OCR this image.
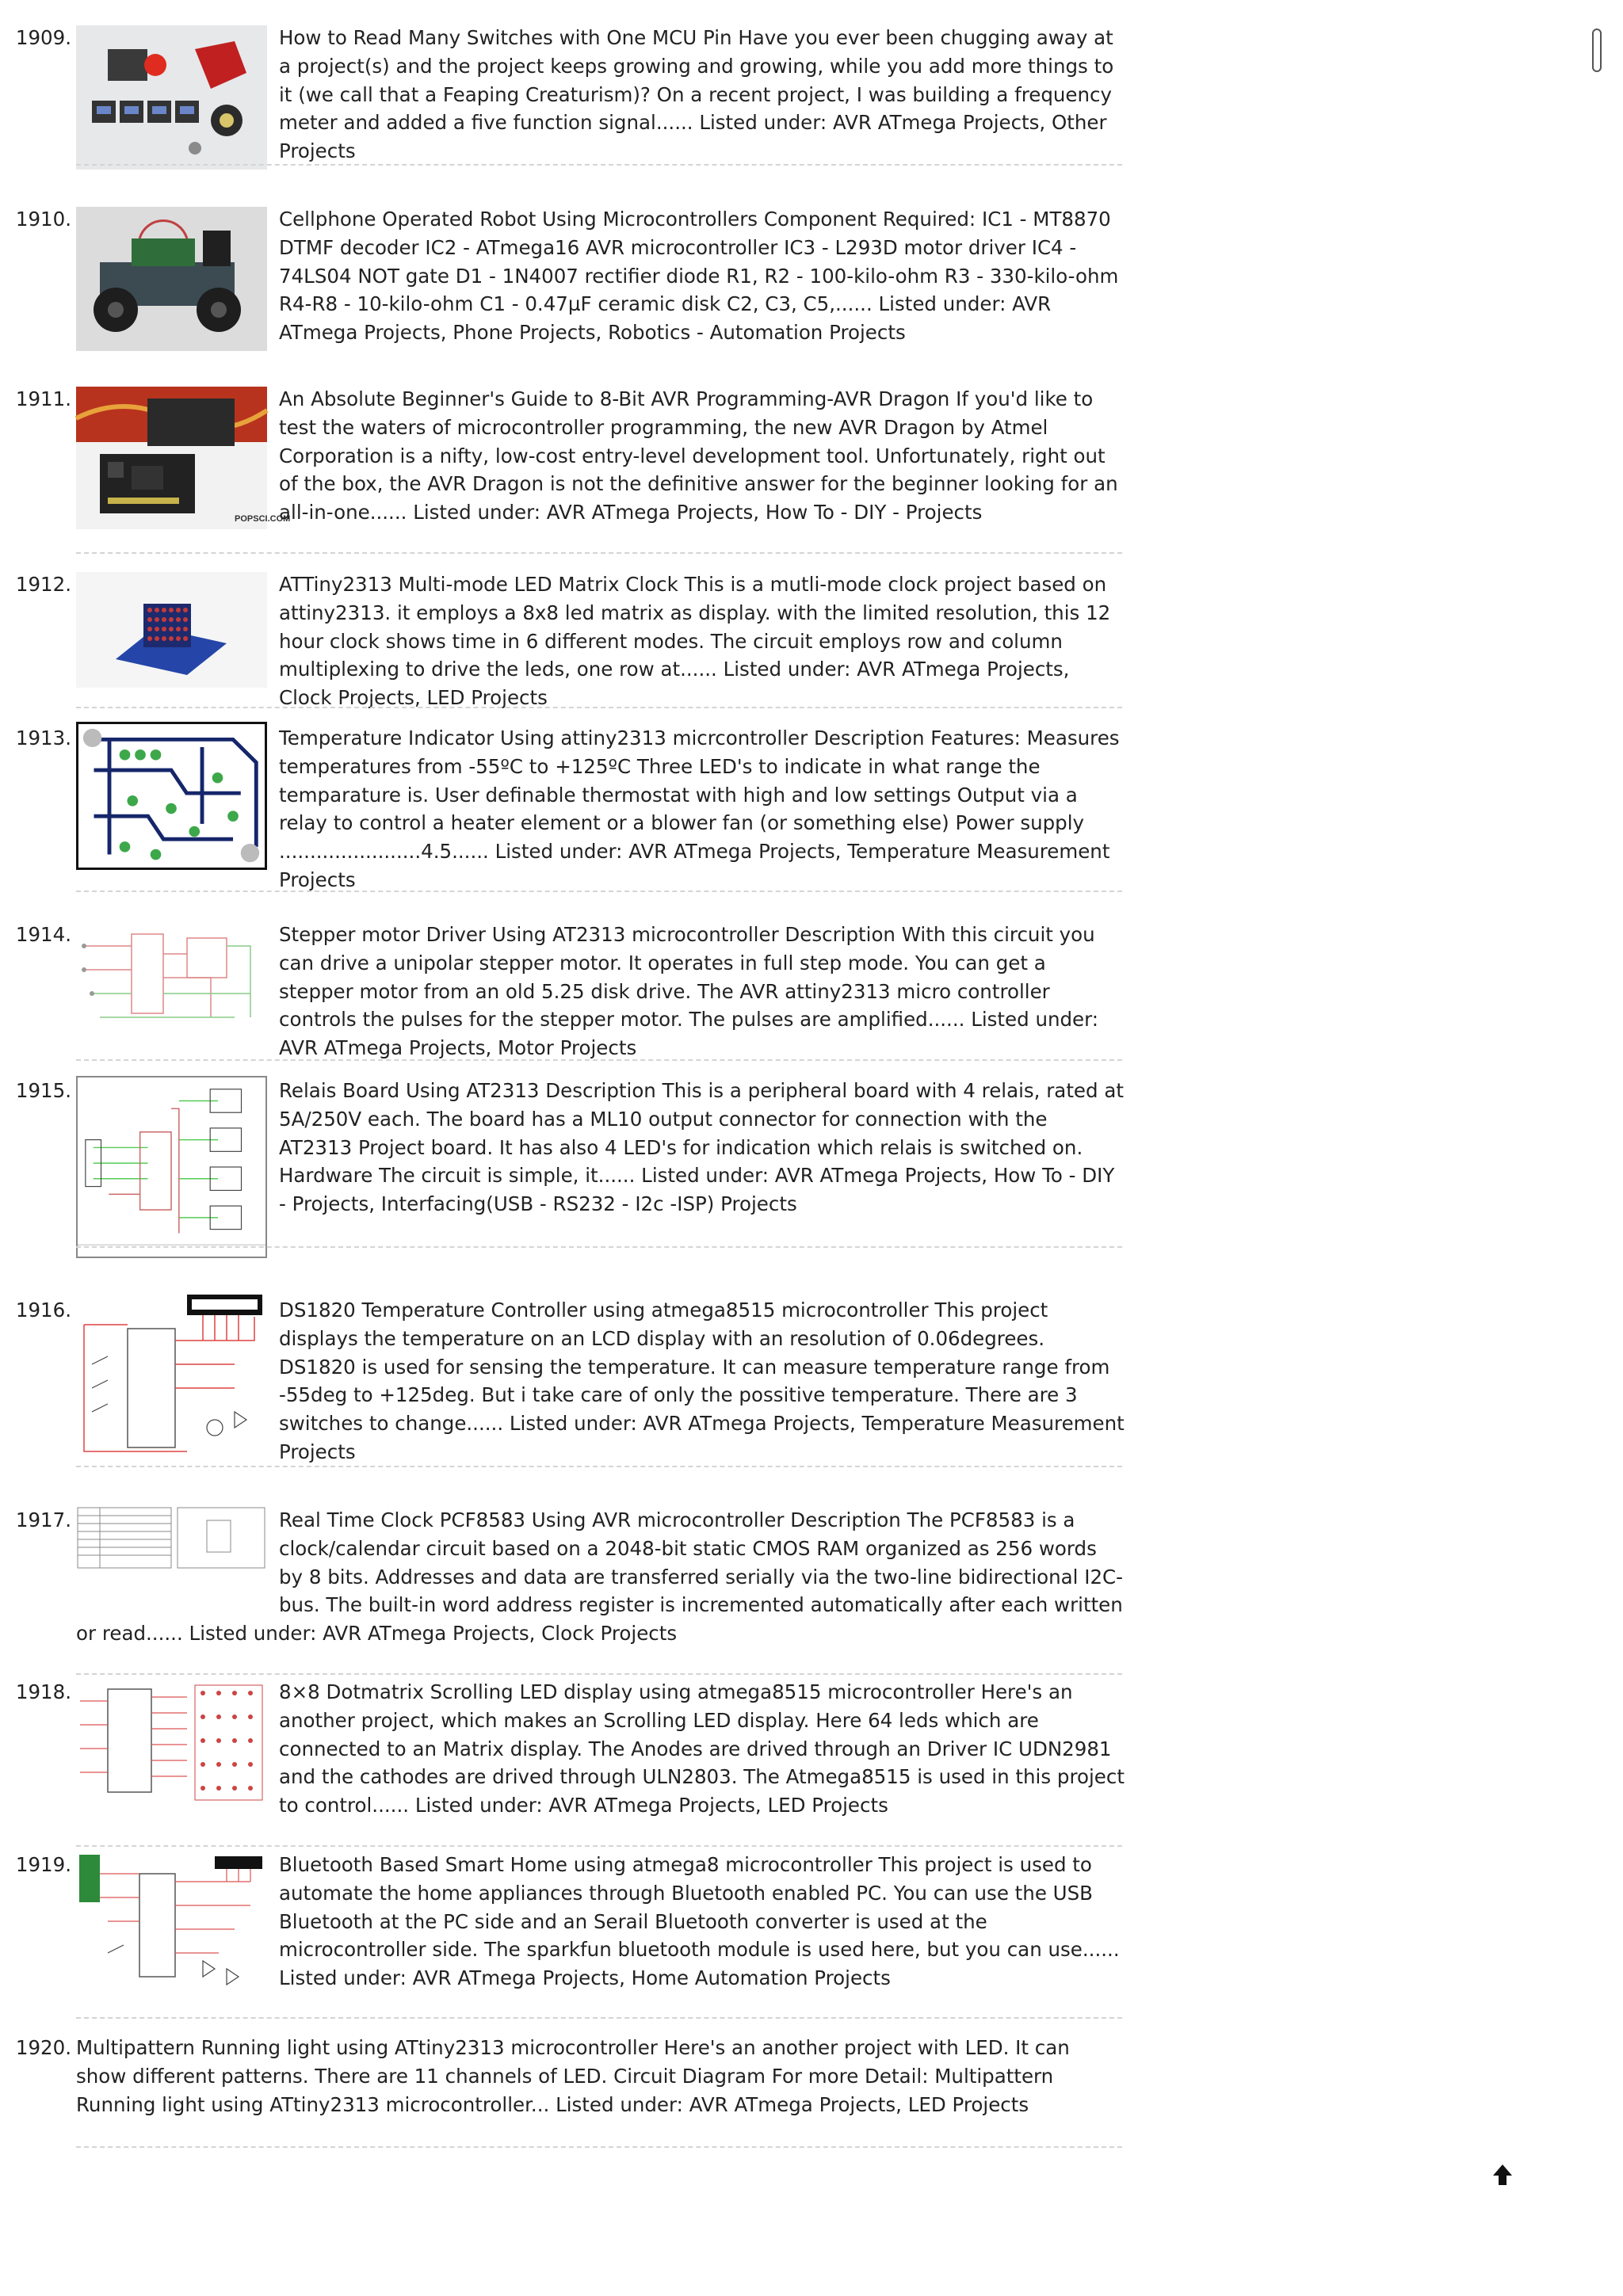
1909.	How to Read Many Switches with One MCU Pin Have you ever been chugging away at a project(s) and the project keeps growing and growing, while you add more things to it (we call that a Feaping Creaturism)? On a recent project, I was building a frequency meter and added a five function signal...... Listed under: AVR ATmega Projects, Other Projects

1910.	Cellphone Operated Robot Using Microcontrollers Component Required: IC1 - MT8870 DTMF decoder IC2 - ATmega16 AVR microcontroller IC3 - L293D motor driver IC4 - 74LS04 NOT gate D1 - 1N4007 rectifier diode R1, R2 - 100-kilo-ohm R3 - 330-kilo-ohm R4-R8 - 10-kilo-ohm C1 - 0.47µF ceramic disk C2, C3, C5,...... Listed under: AVR ATmega Projects, Phone Projects, Robotics - Automation Projects

1911.
POPSCI.COM

An Absolute Beginner's Guide to 8-Bit AVR Programming-AVR Dragon If you'd like to test the waters of microcontroller programming, the new AVR Dragon by Atmel Corporation is a nifty, low-cost entry-level development tool. Unfortunately, right out of the box, the AVR Dragon is not the definitive answer for the beginner looking for an all-in-one...... Listed under: AVR ATmega Projects, How To - DIY - Projects

1912.	ATTiny2313 Multi-mode LED Matrix Clock This is a mutli-mode clock project based on attiny2313. it employs a 8x8 led matrix as display. with the limited resolution, this 12 hour clock shows time in 6 different modes. The circuit employs row and column multiplexing to drive the leds, one row at...... Listed under: AVR ATmega Projects, Clock Projects, LED Projects

1913.	Temperature Indicator Using attiny2313 micrcontroller Description Features: Measures temperatures from -55ºC to +125ºC Three LED's to indicate in what range the temparature is. User definable thermostat with high and low settings Output via a relay to control a heater element or a blower fan (or something else) Power supply .......................4.5...... Listed under: AVR ATmega Projects, Temperature Measurement Projects

1914.	Stepper motor Driver Using AT2313 microcontroller Description With this circuit you can drive a unipolar stepper motor. It operates in full step mode. You can get a stepper motor from an old 5.25 disk drive. The AVR attiny2313 micro controller controls the pulses for the stepper motor. The pulses are amplified...... Listed under: AVR ATmega Projects, Motor Projects

1915.	Relais Board Using AT2313 Description This is a peripheral board with 4 relais, rated at 5A/250V each. The board has a ML10 output connector for connection with the AT2313 Project board. It has also 4 LED's for indication which relais is switched on. Hardware The circuit is simple, it...... Listed under: AVR ATmega Projects, How To - DIY - Projects, Interfacing(USB - RS232 - I2c -ISP) Projects

1916.	DS1820 Temperature Controller using atmega8515 microcontroller This project displays the temperature on an LCD display with an resolution of 0.06degrees. DS1820 is used for sensing the temperature. It can measure temperature range from -55deg to +125deg. But i take care of only the possitive temperature. There are 3 switches to change...... Listed under: AVR ATmega Projects, Temperature Measurement Projects

1917.	Real Time Clock PCF8583 Using AVR microcontroller Description The PCF8583 is a clock/calendar circuit based on a 2048-bit static CMOS RAM organized as 256 words by 8 bits. Addresses and data are transferred serially via the two-line bidirectional I2C-bus. The built-in word address register is incremented automatically after each written or read...... Listed under: AVR ATmega Projects, Clock Projects

1918.	8×8 Dotmatrix Scrolling LED display using atmega8515 microcontroller Here's an another project, which makes an Scrolling LED display. Here 64 leds which are connected to an Matrix display. The Anodes are drived through an Driver IC UDN2981 and the cathodes are drived through ULN2803. The Atmega8515 is used in this project to control...... Listed under: AVR ATmega Projects, LED Projects

1919.	Bluetooth Based Smart Home using atmega8 microcontroller This project is used to automate the home appliances through Bluetooth enabled PC. You can use the USB Bluetooth at the PC side and an Serail Bluetooth converter is used at the microcontroller side. The sparkfun bluetooth module is used here, but you can use...... Listed under: AVR ATmega Projects, Home Automation Projects

1920. Multipattern Running light using ATtiny2313 microcontroller Here's an another project with LED. It can show different patterns. There are 11 channels of LED. Circuit Diagram For more Detail: Multipattern Running light using ATtiny2313 microcontroller... Listed under: AVR ATmega Projects, LED Projects
